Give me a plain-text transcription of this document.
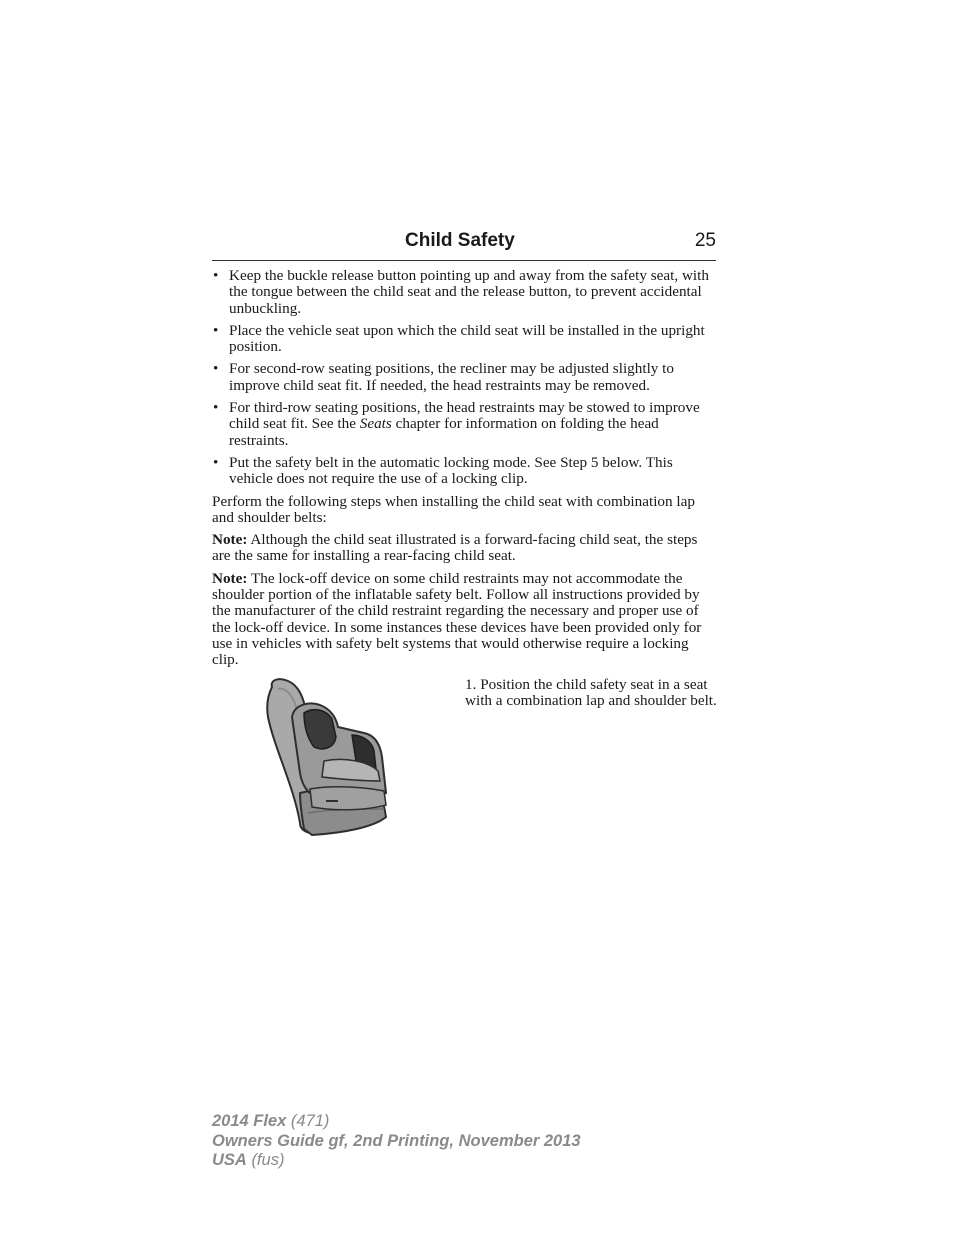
Child Safety	25
• Keep the buckle release button pointing up and away from the safety seat, with the tongue between the child seat and the release button, to prevent accidental unbuckling.
• Place the vehicle seat upon which the child seat will be installed in the upright position.
• For second-row seating positions, the recliner may be adjusted slightly to improve child seat fit. If needed, the head restraints may be removed.
• For third-row seating positions, the head restraints may be stowed to improve child seat fit. See the Seats chapter for information on folding the head restraints.
• Put the safety belt in the automatic locking mode. See Step 5 below. This vehicle does not require the use of a locking clip.

Perform the following steps when installing the child seat with combination lap and shoulder belts:

Note: Although the child seat illustrated is a forward-facing child seat, the steps are the same for installing a rear-facing child seat.

Note: The lock-off device on some child restraints may not accommodate the shoulder portion of the inflatable safety belt. Follow all instructions provided by the manufacturer of the child restraint regarding the necessary and proper use of the lock-off device. In some instances these devices have been provided only for use in vehicles with safety belt systems that would otherwise require a locking clip.

1. Position the child safety seat in a seat with a combination lap and shoulder belt.
2014 Flex (471)
Owners Guide gf, 2nd Printing, November 2013
USA (fus)
